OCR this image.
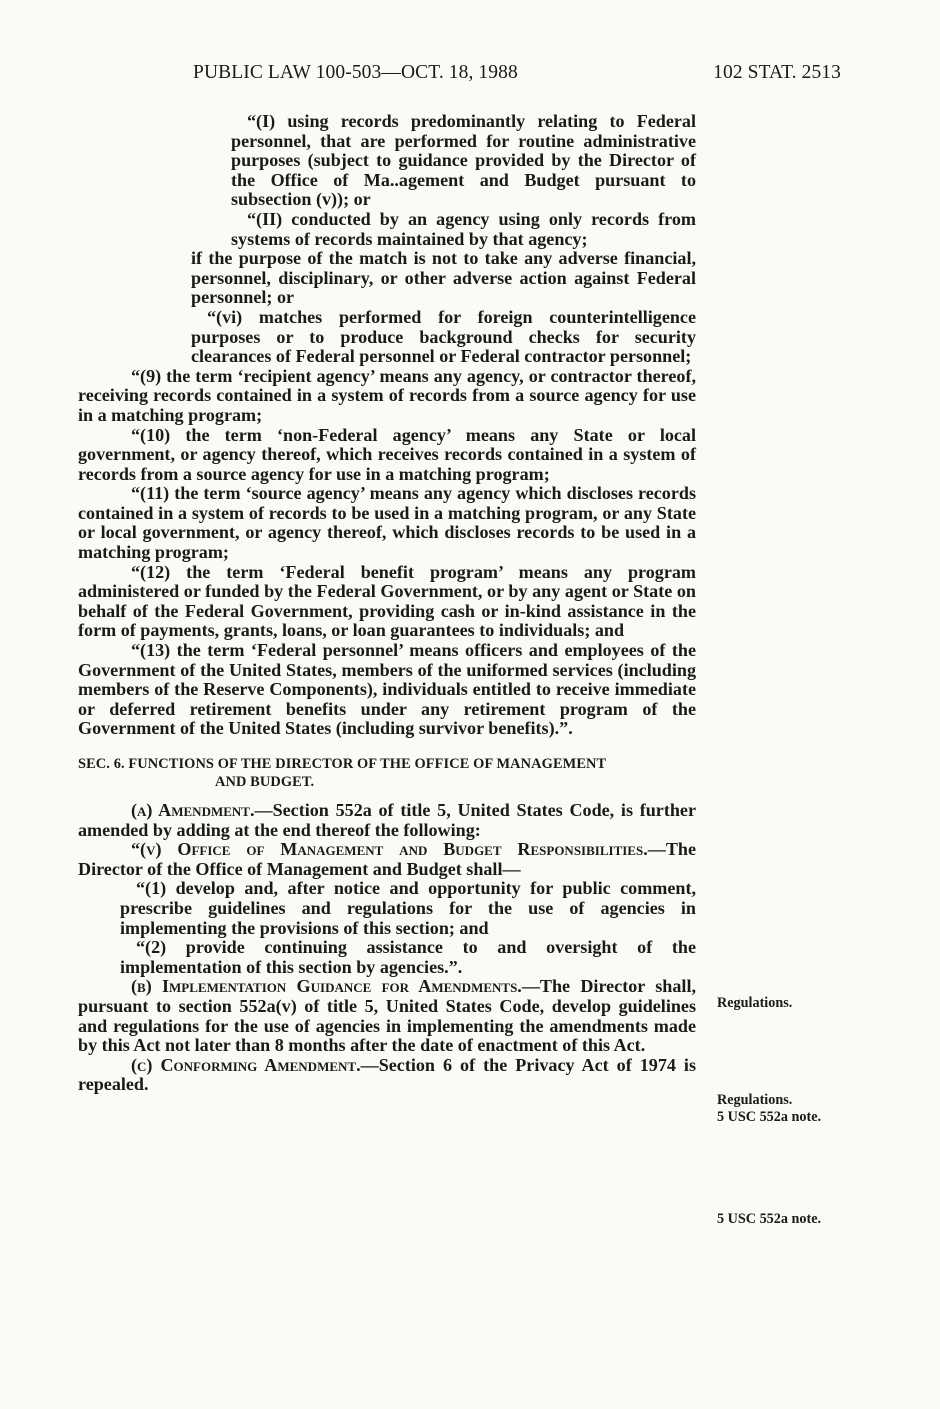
PUBLIC LAW 100-503—OCT. 18, 1988	102 STAT. 2513

“(I) using records predominantly relating to Federal personnel, that are performed for routine administrative purposes (subject to guidance provided by the Director of the Office of Ma..agement and Budget pursuant to subsection (v)); or

“(II) conducted by an agency using only records from systems of records maintained by that agency;

if the purpose of the match is not to take any adverse financial, personnel, disciplinary, or other adverse action against Federal personnel; or

“(vi) matches performed for foreign counterintelligence purposes or to produce background checks for security clearances of Federal personnel or Federal contractor personnel;

“(9) the term ‘recipient agency’ means any agency, or contractor thereof, receiving records contained in a system of records from a source agency for use in a matching program;

“(10) the term ‘non-Federal agency’ means any State or local government, or agency thereof, which receives records contained in a system of records from a source agency for use in a matching program;

“(11) the term ‘source agency’ means any agency which discloses records contained in a system of records to be used in a matching program, or any State or local government, or agency thereof, which discloses records to be used in a matching program;

“(12) the term ‘Federal benefit program’ means any program administered or funded by the Federal Government, or by any agent or State on behalf of the Federal Government, providing cash or in-kind assistance in the form of payments, grants, loans, or loan guarantees to individuals; and

“(13) the term ‘Federal personnel’ means officers and employees of the Government of the United States, members of the uniformed services (including members of the Reserve Components), individuals entitled to receive immediate or deferred retirement benefits under any retirement program of the Government of the United States (including survivor benefits).”.

SEC. 6. FUNCTIONS OF THE DIRECTOR OF THE OFFICE OF MANAGEMENT
AND BUDGET.

(a) Amendment.—Section 552a of title 5, United States Code, is further amended by adding at the end thereof the following:

“(v) Office of Management and Budget Responsibilities.—The Director of the Office of Management and Budget shall—

“(1) develop and, after notice and opportunity for public comment, prescribe guidelines and regulations for the use of agencies in implementing the provisions of this section; and

“(2) provide continuing assistance to and oversight of the implementation of this section by agencies.”.

(b) Implementation Guidance for Amendments.—The Director shall, pursuant to section 552a(v) of title 5, United States Code, develop guidelines and regulations for the use of agencies in implementing the amendments made by this Act not later than 8 months after the date of enactment of this Act.

(c) Conforming Amendment.—Section 6 of the Privacy Act of 1974 is repealed.

Regulations.
Regulations.
5 USC 552a note.
5 USC 552a note.
